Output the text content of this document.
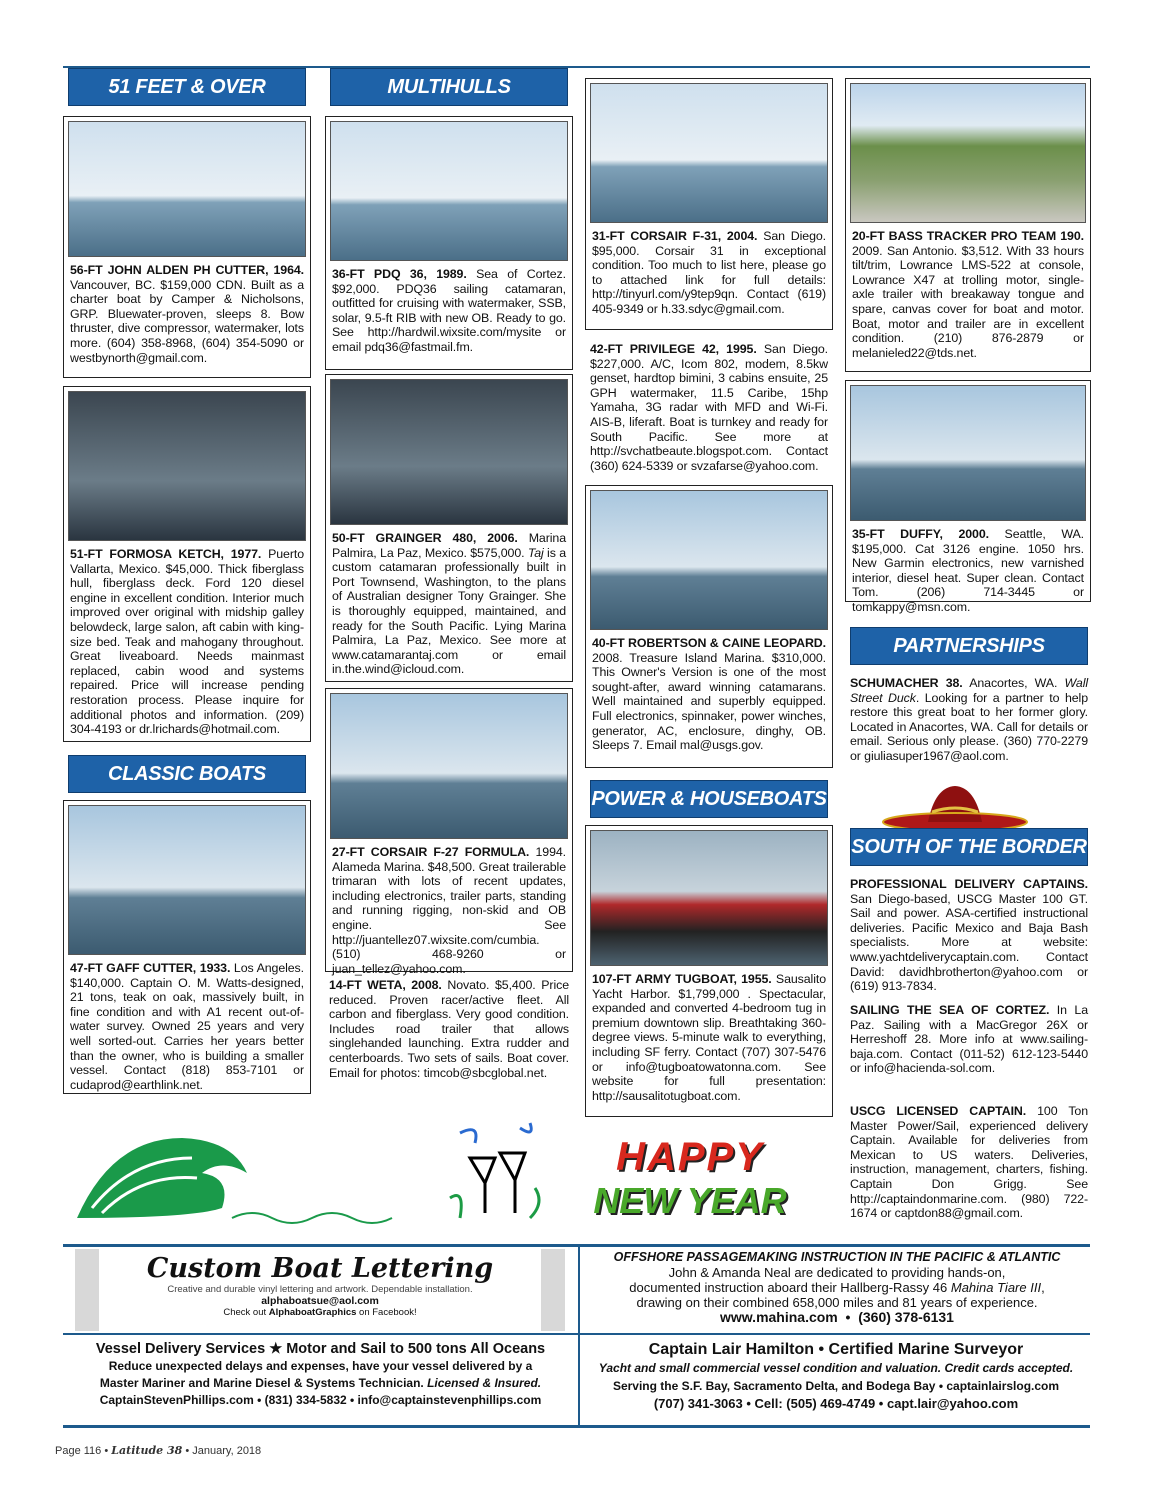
51 FEET & OVER
56-FT JOHN ALDEN PH CUTTER, 1964. Vancouver, BC. $159,000 CDN. Built as a charter boat by Camper & Nicholsons, GRP. Bluewater-proven, sleeps 8. Bow thruster, dive compressor, watermaker, lots more. (604) 358-8968, (604) 354-5090 or westbynorth@gmail.com.
51-FT FORMOSA KETCH, 1977. Puerto Vallarta, Mexico. $45,000. Thick fiberglass hull, fiberglass deck. Ford 120 diesel engine in excellent condition. Interior much improved over original with midship galley belowdeck, large salon, aft cabin with king-size bed. Teak and mahogany throughout. Great liveaboard. Needs mainmast replaced, cabin wood and systems repaired. Price will increase pending restoration process. Please inquire for additional photos and information. (209) 304-4193 or dr.lrichards@hotmail.com.
CLASSIC BOATS
47-FT GAFF CUTTER, 1933. Los Angeles. $140,000. Captain O. M. Watts-designed, 21 tons, teak on oak, massively built, in fine condition and with A1 recent out-of-water survey. Owned 25 years and very well sorted-out. Carries her years better than the owner, who is building a smaller vessel. Contact (818) 853-7101 or cudaprod@earthlink.net.
MULTIHULLS
36-FT PDQ 36, 1989. Sea of Cortez. $92,000. PDQ36 sailing catamaran, outfitted for cruising with watermaker, SSB, solar, 9.5-ft RIB with new OB. Ready to go. See http://hardwil.wixsite.com/mysite or email pdq36@fastmail.fm.
50-FT GRAINGER 480, 2006. Marina Palmira, La Paz, Mexico. $575,000. Taj is a custom catamaran professionally built in Port Townsend, Washington, to the plans of Australian designer Tony Grainger. She is thoroughly equipped, maintained, and ready for the South Pacific. Lying Marina Palmira, La Paz, Mexico. See more at www.catamarantaj.com or email in.the.wind@icloud.com.
27-FT CORSAIR F-27 FORMULA. 1994. Alameda Marina. $48,500. Great trailerable trimaran with lots of recent updates, including electronics, trailer parts, standing and running rigging, non-skid and OB engine. See http://juantellez07.wixsite.com/cumbia. (510) 468-9260 or juan_tellez@yahoo.com.
14-FT WETA, 2008. Novato. $5,400. Price reduced. Proven racer/active fleet. All carbon and fiberglass. Very good condition. Includes road trailer that allows singlehanded launching. Extra rudder and centerboards. Two sets of sails. Boat cover. Email for photos: timcob@sbcglobal.net.
31-FT CORSAIR F-31, 2004. San Diego. $95,000. Corsair 31 in exceptional condition. Too much to list here, please go to attached link for full details: http://tinyurl.com/y9tep9qn. Contact (619) 405-9349 or h.33.sdyc@gmail.com.
42-FT PRIVILEGE 42, 1995. San Diego. $227,000. A/C, Icom 802, modem, 8.5kw genset, hardtop bimini, 3 cabins ensuite, 25 GPH watermaker, 11.5 Caribe, 15hp Yamaha, 3G radar with MFD and Wi-Fi. AIS-B, liferaft. Boat is turnkey and ready for South Pacific. See more at http://svchatbeaute.blogspot.com. Contact (360) 624-5339 or svzafarse@yahoo.com.
40-FT ROBERTSON & CAINE LEOPARD. 2008. Treasure Island Marina. $310,000. This Owner's Version is one of the most sought-after, award winning catamarans. Well maintained and superbly equipped. Full electronics, spinnaker, power winches, generator, AC, enclosure, dinghy, OB. Sleeps 7. Email mal@usgs.gov.
POWER & HOUSEBOATS
107-FT ARMY TUGBOAT, 1955. Sausalito Yacht Harbor. $1,799,000 . Spectacular, expanded and converted 4-bedroom tug in premium downtown slip. Breathtaking 360-degree views. 5-minute walk to everything, including SF ferry. Contact (707) 307-5476 or info@tugboatowatonna.com. See website for full presentation: http://sausalitotugboat.com.
20-FT BASS TRACKER PRO TEAM 190. 2009. San Antonio. $3,512. With 33 hours tilt/trim, Lowrance LMS-522 at console, Lowrance X47 at trolling motor, single- axle trailer with breakaway tongue and spare, canvas cover for boat and motor. Boat, motor and trailer are in excellent condition. (210) 876-2879 or melanieled22@tds.net.
35-FT DUFFY, 2000. Seattle, WA. $195,000. Cat 3126 engine. 1050 hrs. New Garmin electronics, new varnished interior, diesel heat. Super clean. Contact Tom. (206) 714-3445 or tomkappy@msn.com.
PARTNERSHIPS
SCHUMACHER 38. Anacortes, WA. Wall Street Duck. Looking for a partner to help restore this great boat to her former glory. Located in Anacortes, WA. Call for details or email. Serious only please. (360) 770-2279 or giuliasuper1967@aol.com.
SOUTH OF THE BORDER
PROFESSIONAL DELIVERY CAPTAINS. San Diego-based, USCG Master 100 GT. Sail and power. ASA-certified instructional deliveries. Pacific Mexico and Baja Bash specialists. More at website: www.yachtdeliverycaptain.com. Contact David: davidhbrotherton@yahoo.com or (619) 913-7834.
SAILING THE SEA OF CORTEZ. In La Paz. Sailing with a MacGregor 26X or Herreshoff 28. More info at www.sailing-baja.com. Contact (011-52) 612-123-5440 or info@hacienda-sol.com.
USCG LICENSED CAPTAIN. 100 Ton Master Power/Sail, experienced delivery Captain. Available for deliveries from Mexican to US waters. Deliveries, instruction, management, charters, fishing. Captain Don Grigg. See http://captaindonmarine.com. (980) 722-1674 or captdon88@gmail.com.
HAPPY
NEW YEAR
Custom Boat Lettering
Creative and durable vinyl lettering and artwork. Dependable installation.
alphaboatsue@aol.com
Check out AlphaboatGraphics on Facebook!
OFFSHORE PASSAGEMAKING INSTRUCTION IN THE PACIFIC & ATLANTIC
John & Amanda Neal are dedicated to providing hands-on,
documented instruction aboard their Hallberg-Rassy 46 Mahina Tiare III,
drawing on their combined 658,000 miles and 81 years of experience.
www.mahina.com  •  (360) 378-6131
Vessel Delivery Services ★ Motor and Sail to 500 tons All Oceans
Reduce unexpected delays and expenses, have your vessel delivered by a
Master Mariner and Marine Diesel & Systems Technician. Licensed & Insured.
CaptainStevenPhillips.com • (831) 334-5832 • info@captainstevenphillips.com
Captain Lair Hamilton • Certified Marine Surveyor
Yacht and small commercial vessel condition and valuation. Credit cards accepted.
Serving the S.F. Bay, Sacramento Delta, and Bodega Bay • captainlairslog.com
(707) 341-3063 • Cell: (505) 469-4749 • capt.lair@yahoo.com
Page 116 • Latitude 38 • January, 2018
